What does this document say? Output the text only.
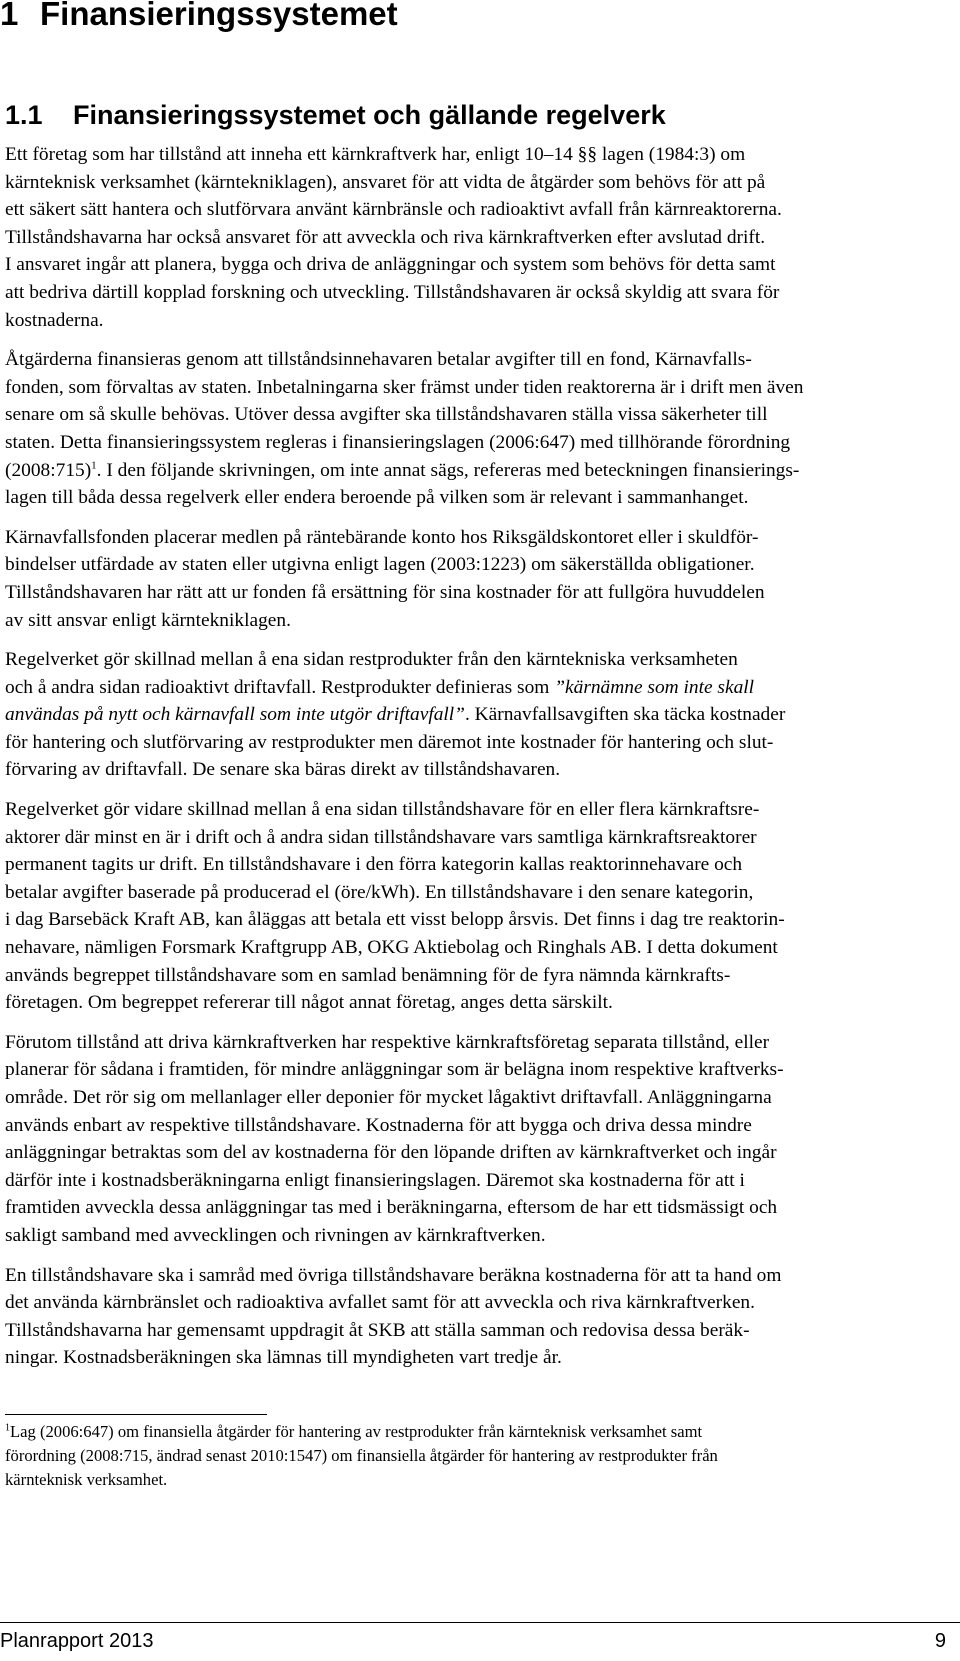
1 Finansieringssystemet
1.1 Finansieringssystemet och gällande regelverk

Ett företag som har tillstånd att inneha ett kärnkraftverk har, enligt 10–14 §§ lagen (1984:3) om
kärnteknisk verksamhet (kärntekniklagen), ansvaret för att vidta de åtgärder som behövs för att på
ett säkert sätt hantera och slutförvara använt kärnbränsle och radioaktivt avfall från kärnreaktorerna.
Tillståndshavarna har också ansvaret för att avveckla och riva kärnkraftverken efter avslutad drift.

I ansvaret ingår att planera, bygga och driva de anläggningar och system som behövs för detta samt
att bedriva därtill kopplad forskning och utveckling. Tillståndshavaren är också skyldig att svara för
kostnaderna.

Åtgärderna finansieras genom att tillståndsinnehavaren betalar avgifter till en fond, Kärnavfalls-
fonden, som förvaltas av staten. Inbetalningarna sker främst under tiden reaktorerna är i drift men även
senare om så skulle behövas. Utöver dessa avgifter ska tillståndshavaren ställa vissa säkerheter till
staten. Detta finansieringssystem regleras i finansieringslagen (2006:647) med tillhörande förordning
(2008:715)$^1$. I den följande skrivningen, om inte annat sägs, refereras med beteckningen finansierings-
lagen till båda dessa regelverk eller endera beroende på vilken som är relevant i sammanhanget.

Kärnavfallsfonden placerar medlen på räntebärande konto hos Riksgäldskontoret eller i skuldför-
bindelser utfärdade av staten eller utgivna enligt lagen (2003:1223) om säkerställda obligationer.
Tillståndshavaren har rätt att ur fonden få ersättning för sina kostnader för att fullgöra huvuddelen
av sitt ansvar enligt kärntekniklagen.

Regelverket gör skillnad mellan å ena sidan restprodukter från den kärntekniska verksamheten
och å andra sidan radioaktivt driftavfall. Restprodukter definieras som ”kärnämne som inte skall
användas på nytt och kärnavfall som inte utgör driftavfall”. Kärnavfallsavgiften ska täcka kostnader
för hantering och slutförvaring av restprodukter men däremot inte kostnader för hantering och slut-
förvaring av driftavfall. De senare ska bäras direkt av tillståndshavaren.

Regelverket gör vidare skillnad mellan å ena sidan tillståndshavare för en eller flera kärnkraftsre-
aktorer där minst en är i drift och å andra sidan tillståndshavare vars samtliga kärnkraftsreaktorer
permanent tagits ur drift. En tillståndshavare i den förra kategorin kallas reaktorinnehavare och
betalar avgifter baserade på producerad el (öre/kWh). En tillståndshavare i den senare kategorin,
i dag Barsebäck Kraft AB, kan åläggas att betala ett visst belopp årsvis. Det finns i dag tre reaktorin-
nehavare, nämligen Forsmark Kraftgrupp AB, OKG Aktiebolag och Ringhals AB. I detta dokument
används begreppet tillståndshavare som en samlad benämning för de fyra nämnda kärnkrafts-
företagen. Om begreppet refererar till något annat företag, anges detta särskilt.

Förutom tillstånd att driva kärnkraftverken har respektive kärnkraftsföretag separata tillstånd, eller
planerar för sådana i framtiden, för mindre anläggningar som är belägna inom respektive kraftverks-
område. Det rör sig om mellanlager eller deponier för mycket lågaktivt driftavfall. Anläggningarna
används enbart av respektive tillståndshavare. Kostnaderna för att bygga och driva dessa mindre
anläggningar betraktas som del av kostnaderna för den löpande driften av kärnkraftverket och ingår
därför inte i kostnadsberäkningarna enligt finansieringslagen. Däremot ska kostnaderna för att i
framtiden avveckla dessa anläggningar tas med i beräkningarna, eftersom de har ett tidsmässigt och
sakligt samband med avvecklingen och rivningen av kärnkraftverken.

En tillståndshavare ska i samråd med övriga tillståndshavare beräkna kostnaderna för att ta hand om
det använda kärnbränslet och radioaktiva avfallet samt för att avveckla och riva kärnkraftverken.
Tillståndshavarna har gemensamt uppdragit åt SKB att ställa samman och redovisa dessa beräk-
ningar. Kostnadsberäkningen ska lämnas till myndigheten vart tredje år.

$^1$Lag (2006:647) om finansiella åtgärder för hantering av restprodukter från kärnteknisk verksamhet samt
förordning (2008:715, ändrad senast 2010:1547) om finansiella åtgärder för hantering av restprodukter från
kärnteknisk verksamhet.
Planrapport 2013	9
